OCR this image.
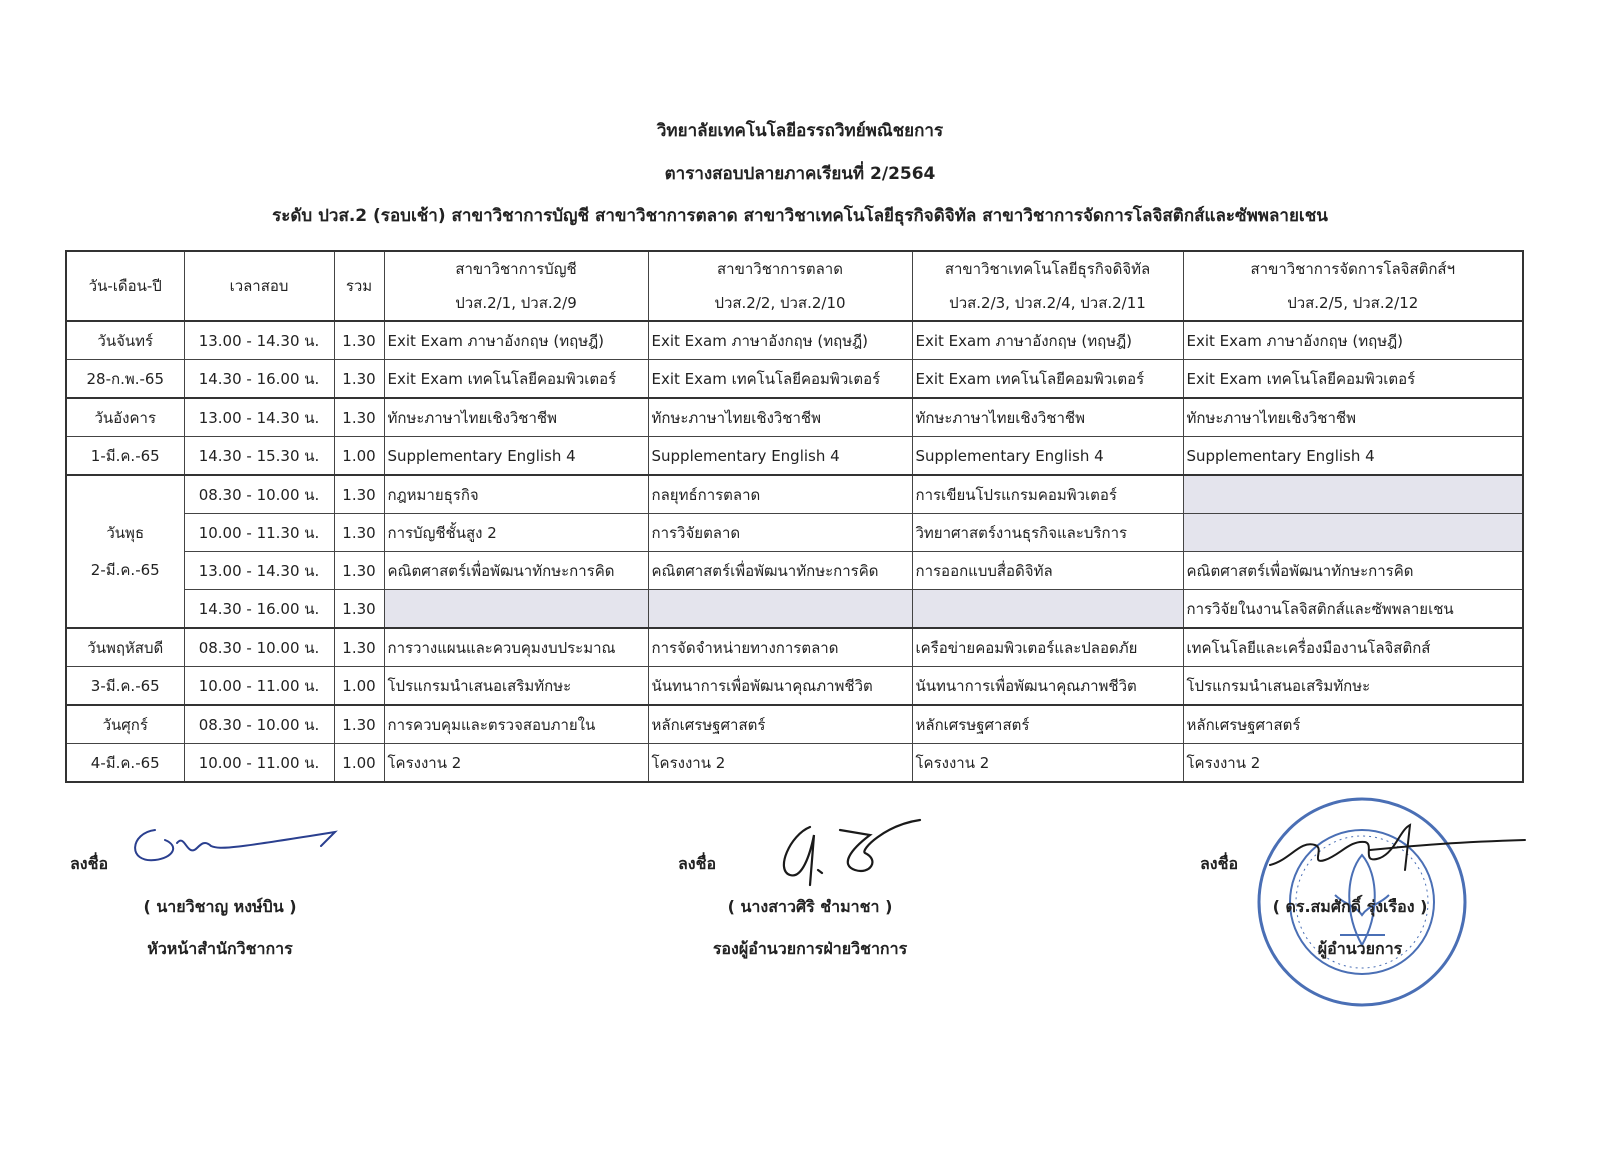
วิทยาลัยเทคโนโลยีอรรถวิทย์พณิชยการ
ตารางสอบปลายภาคเรียนที่ 2/2564
ระดับ ปวส.2 (รอบเช้า) สาขาวิชาการบัญชี สาขาวิชาการตลาด สาขาวิชาเทคโนโลยีธุรกิจดิจิทัล สาขาวิชาการจัดการโลจิสติกส์และซัพพลายเชน
วัน-เดือน-ปี	เวลาสอบ	รวม	สาขาวิชาการบัญชี	สาขาวิชาการตลาด	สาขาวิชาเทคโนโลยีธุรกิจดิจิทัล	สาขาวิชาการจัดการโลจิสติกส์ฯ
			ปวส.2/1, ปวส.2/9	ปวส.2/2, ปวส.2/10	ปวส.2/3, ปวส.2/4, ปวส.2/11	ปวส.2/5, ปวส.2/12
วันจันทร์	13.00 - 14.30 น.	1.30	Exit Exam ภาษาอังกฤษ (ทฤษฎี)	Exit Exam ภาษาอังกฤษ (ทฤษฎี)	Exit Exam ภาษาอังกฤษ (ทฤษฎี)	Exit Exam ภาษาอังกฤษ (ทฤษฎี)
28-ก.พ.-65	14.30 - 16.00 น.	1.30	Exit Exam เทคโนโลยีคอมพิวเตอร์	Exit Exam เทคโนโลยีคอมพิวเตอร์	Exit Exam เทคโนโลยีคอมพิวเตอร์	Exit Exam เทคโนโลยีคอมพิวเตอร์
วันอังคาร	13.00 - 14.30 น.	1.30	ทักษะภาษาไทยเชิงวิชาชีพ	ทักษะภาษาไทยเชิงวิชาชีพ	ทักษะภาษาไทยเชิงวิชาชีพ	ทักษะภาษาไทยเชิงวิชาชีพ
1-มี.ค.-65	14.30 - 15.30 น.	1.00	Supplementary English 4	Supplementary English 4	Supplementary English 4	Supplementary English 4

วันพุธ
2-มี.ค.-65	08.30 - 10.00 น.	1.30	กฎหมายธุรกิจ	กลยุทธ์การตลาด	การเขียนโปรแกรมคอมพิวเตอร์	
	10.00 - 11.30 น.	1.30	การบัญชีชั้นสูง 2	การวิจัยตลาด	วิทยาศาสตร์งานธุรกิจและบริการ	
	13.00 - 14.30 น.	1.30	คณิตศาสตร์เพื่อพัฒนาทักษะการคิด	คณิตศาสตร์เพื่อพัฒนาทักษะการคิด	การออกแบบสื่อดิจิทัล	คณิตศาสตร์เพื่อพัฒนาทักษะการคิด
	14.30 - 16.00 น.	1.30				การวิจัยในงานโลจิสติกส์และซัพพลายเชน
วันพฤหัสบดี	08.30 - 10.00 น.	1.30	การวางแผนและควบคุมงบประมาณ	การจัดจำหน่ายทางการตลาด	เครือข่ายคอมพิวเตอร์และปลอดภัย	เทคโนโลยีและเครื่องมืองานโลจิสติกส์
3-มี.ค.-65	10.00 - 11.00 น.	1.00	โปรแกรมนำเสนอเสริมทักษะ	นันทนาการเพื่อพัฒนาคุณภาพชีวิต	นันทนาการเพื่อพัฒนาคุณภาพชีวิต	โปรแกรมนำเสนอเสริมทักษะ
วันศุกร์	08.30 - 10.00 น.	1.30	การควบคุมและตรวจสอบภายใน	หลักเศรษฐศาสตร์	หลักเศรษฐศาสตร์	หลักเศรษฐศาสตร์
4-มี.ค.-65	10.00 - 11.00 น.	1.00	โครงงาน 2	โครงงาน 2	โครงงาน 2	โครงงาน 2
ลงชื่อ
( นายวิชาญ หงษ์บิน )
หัวหน้าสำนักวิชาการ
ลงชื่อ
( นางสาวศิริ ชำมาชา )
รองผู้อำนวยการฝ่ายวิชาการ
ลงชื่อ
( ดร.สมศักดิ์ รุ่งเรือง )
ผู้อำนวยการ
